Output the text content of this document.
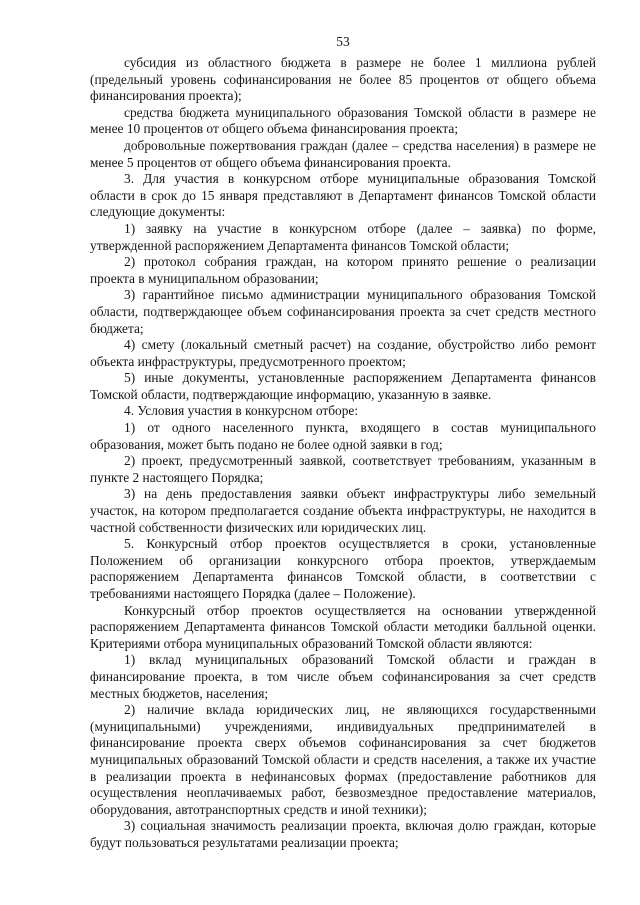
53

субсидия из областного бюджета в размере не более 1 миллиона рублей (предельный уровень софинансирования не более 85 процентов от общего объема финансирования проекта);

средства бюджета муниципального образования Томской области в размере не менее 10 процентов от общего объема финансирования проекта;

добровольные пожертвования граждан (далее – средства населения) в размере не менее 5 процентов от общего объема финансирования проекта.

3. Для участия в конкурсном отборе муниципальные образования Томской области в срок до 15 января представляют в Департамент финансов Томской области следующие документы:

1) заявку на участие в конкурсном отборе (далее – заявка) по форме, утвержденной распоряжением Департамента финансов Томской области;

2) протокол собрания граждан, на котором принято решение о реализации проекта в муниципальном образовании;

3) гарантийное письмо администрации муниципального образования Томской области, подтверждающее объем софинансирования проекта за счет средств местного бюджета;

4) смету (локальный сметный расчет) на создание, обустройство либо ремонт объекта инфраструктуры, предусмотренного проектом;

5) иные документы, установленные распоряжением Департамента финансов Томской области, подтверждающие информацию, указанную в заявке.

4. Условия участия в конкурсном отборе:

1) от одного населенного пункта, входящего в состав муниципального образования, может быть подано не более одной заявки в год;

2) проект, предусмотренный заявкой, соответствует требованиям, указанным в пункте 2 настоящего Порядка;

3) на день предоставления заявки объект инфраструктуры либо земельный участок, на котором предполагается создание объекта инфраструктуры, не находится в частной собственности физических или юридических лиц.

5. Конкурсный отбор проектов осуществляется в сроки, установленные Положением об организации конкурсного отбора проектов, утверждаемым распоряжением Департамента финансов Томской области, в соответствии с требованиями настоящего Порядка (далее – Положение).

Конкурсный отбор проектов осуществляется на основании утвержденной распоряжением Департамента финансов Томской области методики балльной оценки. Критериями отбора муниципальных образований Томской области являются:

1) вклад муниципальных образований Томской области и граждан в финансирование проекта, в том числе объем софинансирования за счет средств местных бюджетов, населения;

2) наличие вклада юридических лиц, не являющихся государственными (муниципальными) учреждениями, индивидуальных предпринимателей в финансирование проекта сверх объемов софинансирования за счет бюджетов муниципальных образований Томской области и средств населения, а также их участие в реализации проекта в нефинансовых формах (предоставление работников для осуществления неоплачиваемых работ, безвозмездное предоставление материалов, оборудования, автотранспортных средств и иной техники);

3) социальная значимость реализации проекта, включая долю граждан, которые будут пользоваться результатами реализации проекта;
